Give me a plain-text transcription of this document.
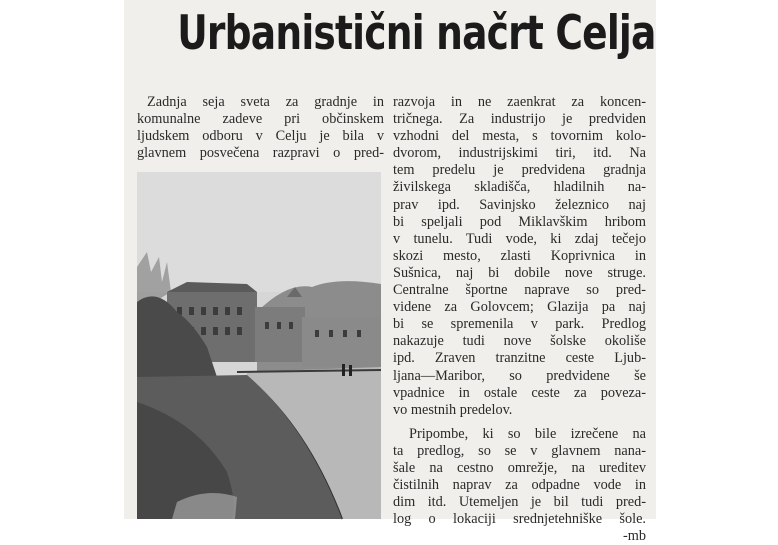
Urbanistični načrt Celja
Zadnja seja sveta za gradnje in
komunalne zadeve pri občinskem
ljudskem odboru v Celju je bila v
glavnem posvečena razpravi o pred-
razvoja in ne zaenkrat za koncen-
tričnega. Za industrijo je predviden
vzhodni del mesta, s tovornim kolo-
dvorom, industrijskimi tiri, itd. Na
tem predelu je predvidena gradnja
živilskega skladišča, hladilnih na-
prav ipd. Savinjsko železnico naj
bi speljali pod Miklavškim hribom
v tunelu. Tudi vode, ki zdaj tečejo
skozi mesto, zlasti Koprivnica in
Sušnica, naj bi dobile nove struge.
Centralne športne naprave so pred-
videne za Golovcem; Glazija pa naj
bi se spremenila v park. Predlog
nakazuje tudi nove šolske okoliše
ipd. Zraven tranzitne ceste Ljub-
ljana—Maribor, so predvidene še
vpadnice in ostale ceste za poveza-
vo mestnih predelov.
Pripombe, ki so bile izrečene na
ta predlog, so se v glavnem nana-
šale na cestno omrežje, na ureditev
čistilnih naprav za odpadne vode in
dim itd. Utemeljen je bil tudi pred-
log o lokaciji srednjetehniške šole.
-mb
